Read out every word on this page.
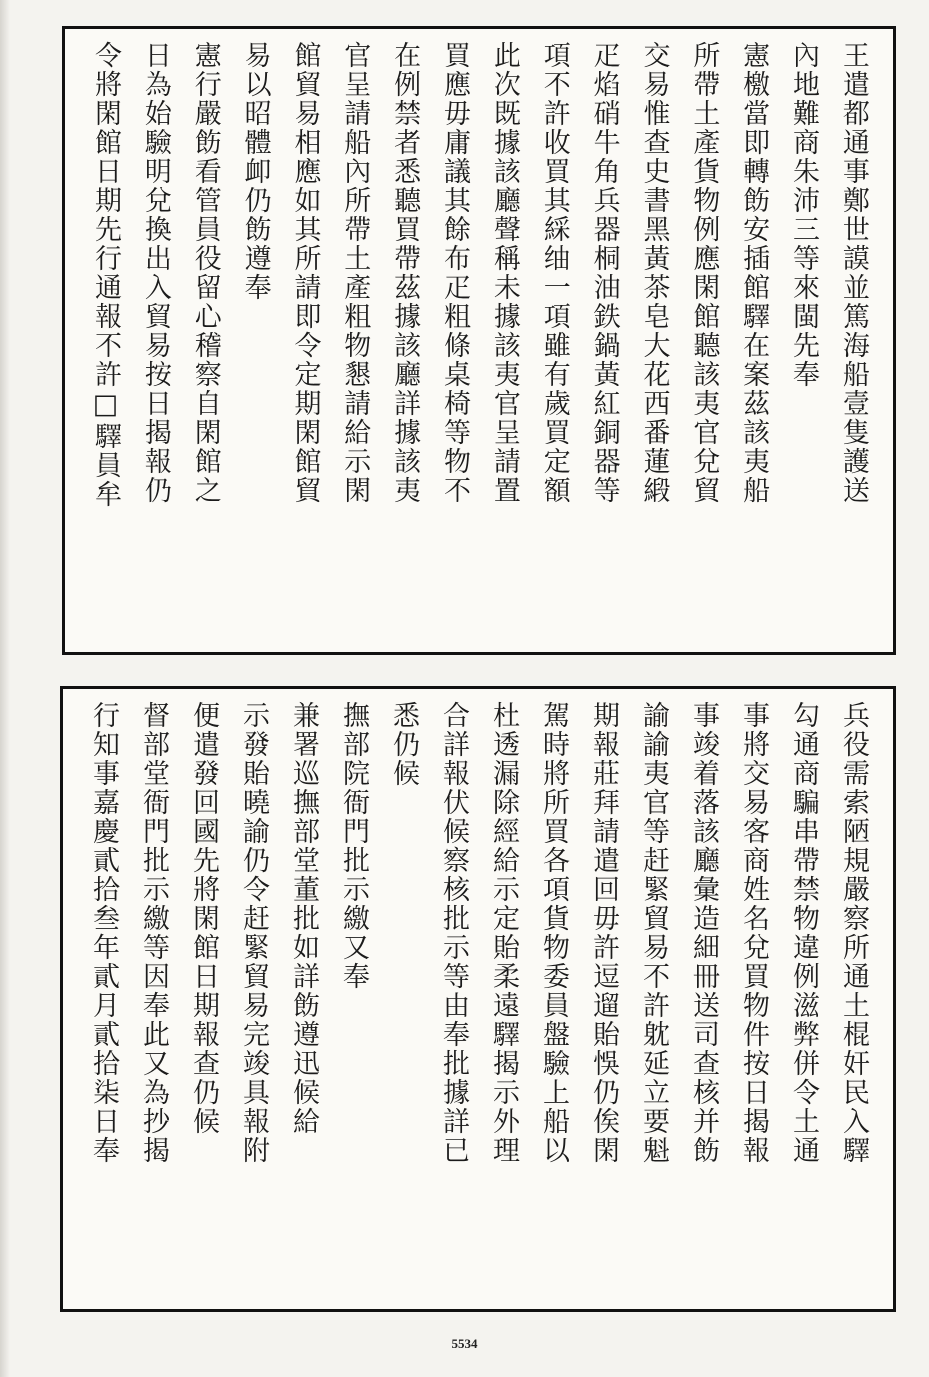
王遣都通事鄭世謨並篤海船壹隻護送
內地難商朱沛三等來閩先奉
憲檄當即轉飭安插館驛在案茲該夷船
所帶土產貨物例應閑館聽該夷官兌貿
交易惟查史書黑黃茶皂大花西番蓮緞
疋焰硝牛角兵器桐油鉄鍋黃紅銅器等
項不許收買其綵䌷一項雖有歲買定額
此次既據該廳聲稱未據該夷官呈請置
買應毋庸議其餘布疋粗條桌椅等物不
在例禁者悉聽買帶茲據該廳詳據該夷
官呈請船內所帶土產粗物懇請給示閑
館貿易相應如其所請即令定期閑館貿
易以昭體卹仍飭遵奉
憲行嚴飭看管員役留心稽察自閑館之
日為始驗明兌換出入貿易按日揭報仍
令將閑館日期先行通報不許□驛員牟
兵役需索陋規嚴察所通土棍奸民入驛
勾通商騙串帶禁物違例滋弊併令土通
事將交易客商姓名兌買物件按日揭報
事竣着落該廳彙造細冊送司查核并飭
諭諭夷官等赶緊貿易不許躭延立要魁
期報莊拜請遣回毋許逗遛貽悞仍俟閑
駕時將所買各項貨物委員盤驗上船以
杜透漏除經給示定貽柔遠驛揭示外理
合詳報伏候察核批示等由奉批據詳已
悉仍候
撫部院衙門批示繳又奉
兼署巡撫部堂董批如詳飭遵迅候給
示發貽曉諭仍令赶緊貿易完竣具報附
便遣發回國先將閑館日期報查仍候
督部堂衙門批示繳等因奉此又為抄揭
行知事嘉慶貳拾叁年貳月貳拾柒日奉
5534
